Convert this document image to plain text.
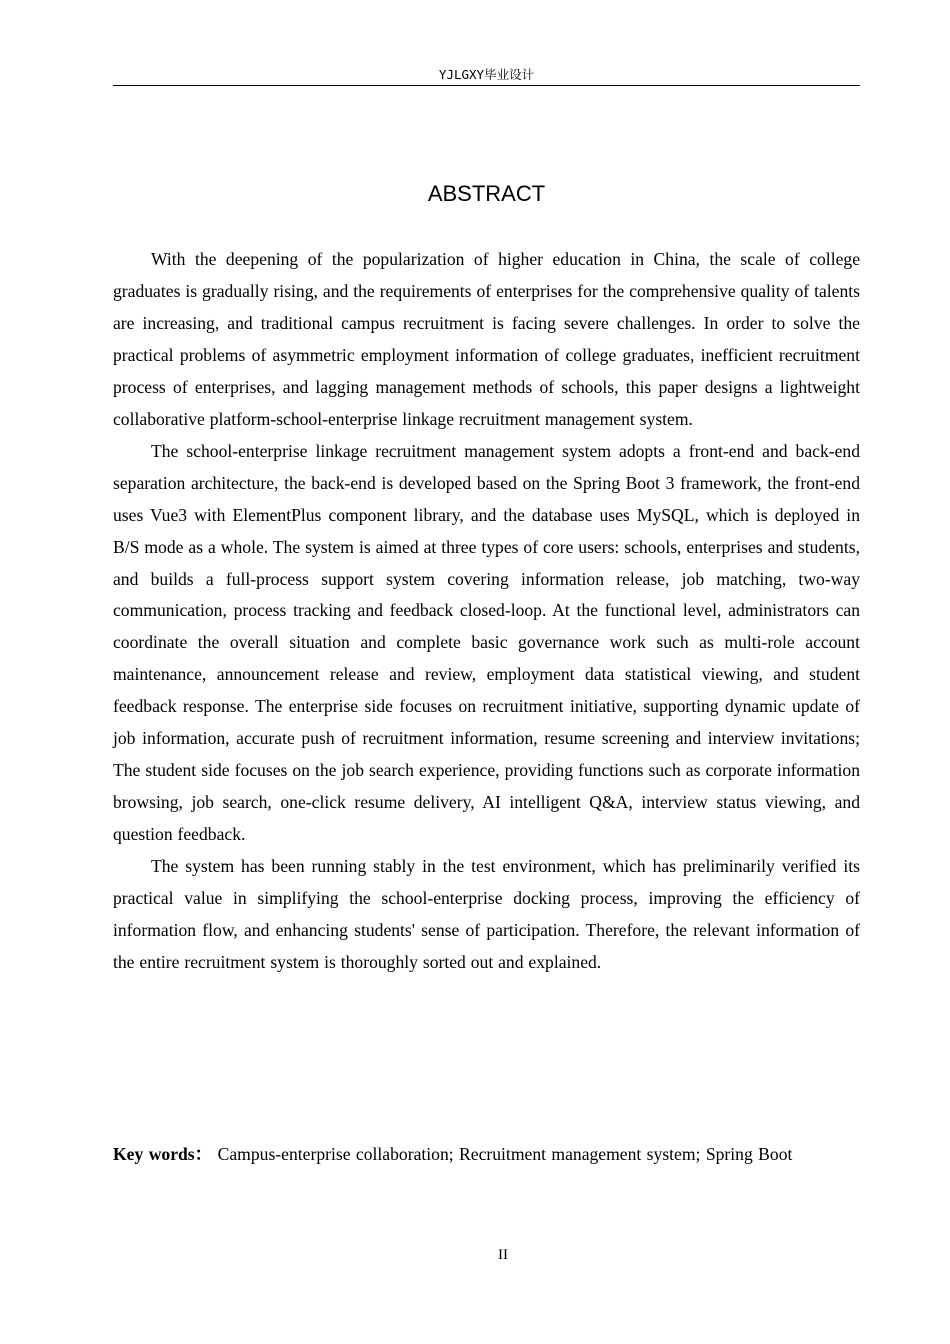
YJLGXY毕业设计
ABSTRACT

With the deepening of the popularization of higher education in China, the scale of college graduates is gradually rising, and the requirements of enterprises for the comprehensive quality of talents are increasing, and traditional campus recruitment is facing severe challenges. In order to solve the practical problems of asymmetric employment information of college graduates, inefficient recruitment process of enterprises, and lagging management methods of schools, this paper designs a lightweight collaborative platform-school-enterprise linkage recruitment management system.

The school-enterprise linkage recruitment management system adopts a front-end and back-end separation architecture, the back-end is developed based on the Spring Boot 3 framework, the front-end uses Vue3 with ElementPlus component library, and the database uses MySQL, which is deployed in B/S mode as a whole. The system is aimed at three types of core users: schools, enterprises and students, and builds a full-process support system covering information release, job matching, two-way communication, process tracking and feedback closed-loop. At the functional level, administrators can coordinate the overall situation and complete basic governance work such as multi-role account maintenance, announcement release and review, employment data statistical viewing, and student feedback response. The enterprise side focuses on recruitment initiative, supporting dynamic update of job information, accurate push of recruitment information, resume screening and interview invitations; The student side focuses on the job search experience, providing functions such as corporate information browsing, job search, one-click resume delivery, AI intelligent Q&A, interview status viewing, and question feedback.

The system has been running stably in the test environment, which has preliminarily verified its practical value in simplifying the school-enterprise docking process, improving the efficiency of information flow, and enhancing students' sense of participation. Therefore, the relevant information of the entire recruitment system is thoroughly sorted out and explained.

Key words： Campus-enterprise collaboration; Recruitment management system; Spring Boot
II
